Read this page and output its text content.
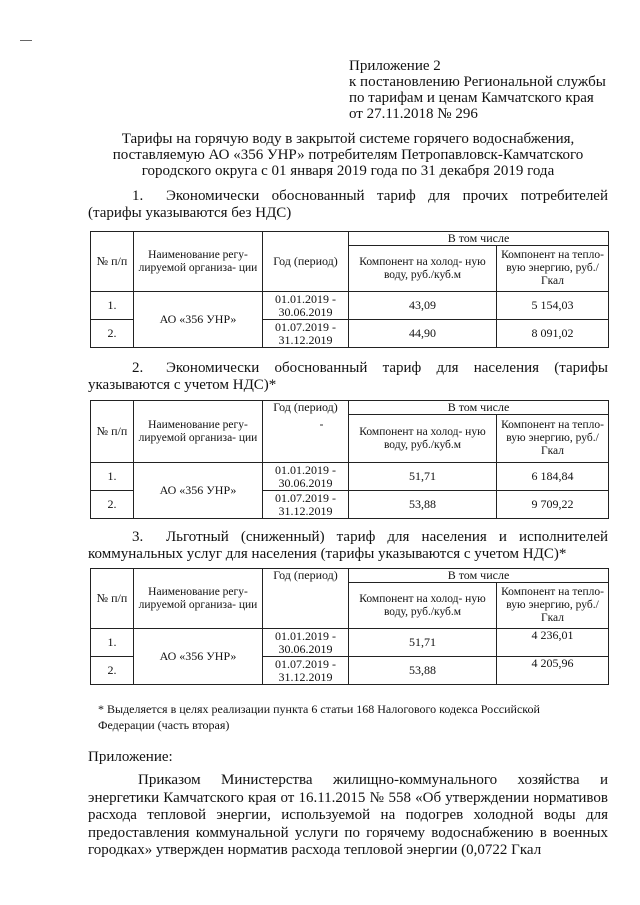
Приложение 2
к постановлению Региональной службы
по тарифам и ценам Камчатского края
от 27.11.2018 № 296
Тарифы на горячую воду в закрытой системе горячего водоснабжения,
поставляемую АО «356 УНР» потребителям Петропавловск-Камчатского
городского округа с 01 января 2019 года по 31 декабря 2019 года
1. Экономически обоснованный тариф для прочих потребителей (тарифы указываются без НДС)
№ п/п	Наименование регу- лируемой организа- ции	Год (период)	В том числе	
			Компонент на холод- ную воду, руб./куб.м	Компонент на тепло- вую энергию, руб./Гкал
1.	АО «356 УНР»	01.01.2019 - 30.06.2019	43,09	5 154,03
2.		01.07.2019 - 31.12.2019	44,90	8 091,02
2. Экономически обоснованный тариф для населения (тарифы указываются с учетом НДС)*
№ п/п	Наименование регу- лируемой организа- ции	Год (период)	В том числе	
			Компонент на холод- ную воду, руб./куб.м	Компонент на тепло- вую энергию, руб./Гкал
1.	АО «356 УНР»	01.01.2019 - 30.06.2019	51,71	6 184,84
2.		01.07.2019 - 31.12.2019	53,88	9 709,22
3. Льготный (сниженный) тариф для населения и исполнителей коммунальных услуг для населения (тарифы указываются с учетом НДС)*
№ п/п	Наименование регу- лируемой организа- ции	Год (период)	В том числе	
			Компонент на холод- ную воду, руб./куб.м	Компонент на тепло- вую энергию, руб./Гкал
1.	АО «356 УНР»	01.01.2019 - 30.06.2019	51,71	4 236,01
2.		01.07.2019 - 31.12.2019	53,88	4 205,96
* Выделяется в целях реализации пункта 6 статьи 168 Налогового кодекса Российской Федерации (часть вторая)
Приложение:
Приказом Министерства жилищно-коммунального хозяйства и энергетики Камчатского края от 16.11.2015 № 558 «Об утверждении нормативов расхода тепловой энергии, используемой на подогрев холодной воды для предоставления коммунальной услуги по горячему водоснабжению в военных городках» утвержден норматив расхода тепловой энергии (0,0722 Гкал
